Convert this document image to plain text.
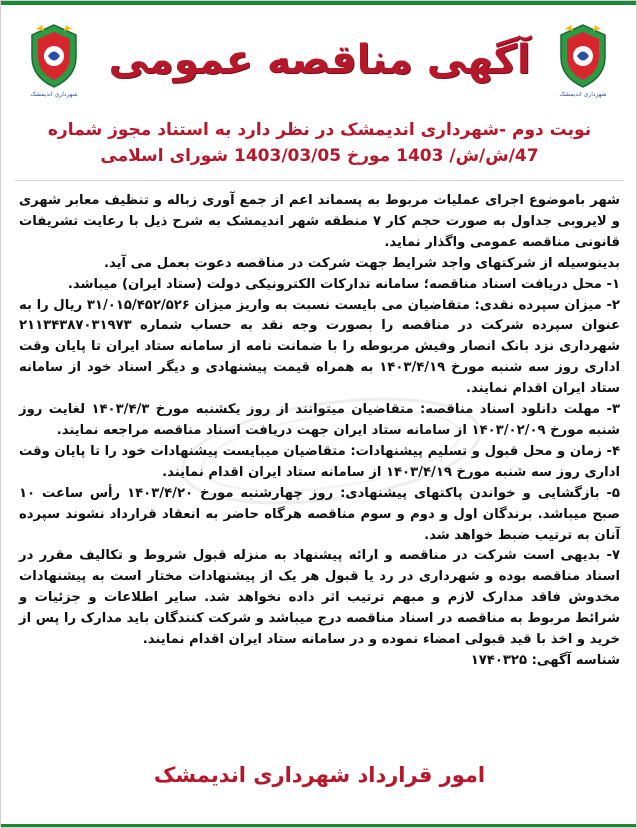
شهرداری اندیمشک
شهرداری اندیمشک
آگهی مناقصه عمومی
نوبت دوم -شهرداری اندیمشک در نظر دارد به استناد مجوز شماره
47/ش/ش/ 1403 مورخ 1403/03/05 شورای اسلامی

شهر باموضوع اجرای عملیات مربوط به پسماند اعم از جمع آوری زباله و تنظیف معابر شهری و لایروبی جداول به صورت حجم کار ۷ منطقه شهر اندیمشک به شرح ذیل با رعایت تشریفات قانونی مناقصه عمومی واگذار نماید.

بدینوسیله از شرکتهای واجد شرایط جهت شرکت در مناقصه دعوت بعمل می آید.

۱- محل دریافت اسناد مناقصه؛ سامانه تدارکات الکترونیکی دولت (ستاد ایران) میباشد.

۲- میزان سپرده نقدی: متقاضیان می بایست نسبت به واریز میزان ۳۱/۰۱۵/۴۵۲/۵۲۶ ریال را به عنوان سپرده شرکت در مناقصه را بصورت وجه نقد به حساب شماره ۲۱۱۳۴۳۸۷۰۳۱۹۷۳ شهرداری نزد بانک انصار وفیش مربوطه را با ضمانت نامه از سامانه ستاد ایران تا پایان وقت اداری روز سه شنبه مورخ ۱۴۰۳/۴/۱۹ به همراه قیمت پیشنهادی و دیگر اسناد خود از سامانه ستاد ایران اقدام نمایند.

۳- مهلت دانلود اسناد مناقصه: متقاضیان میتوانند از روز یکشنبه مورخ ۱۴۰۳/۴/۳ لغایت روز شنبه مورخ ۱۴۰۳/۰۲/۰۹ از سامانه ستاد ایران جهت دریافت اسناد مناقصه مراجعه نمایند.

۴- زمان و محل قبول و تسلیم پیشنهادات: متقاضیان میبایست پیشنهادات خود را تا پایان وقت اداری روز سه شنبه مورخ ۱۴۰۳/۴/۱۹ از سامانه ستاد ایران اقدام نمایند.

۵- بازگشایی و خواندن پاکتهای پیشنهادی: روز چهارشنبه مورخ ۱۴۰۳/۴/۲۰ رأس ساعت ۱۰ صبح میباشد. برندگان اول و دوم و سوم مناقصه هرگاه حاضر به انعقاد قرارداد نشوند سپرده آنان به ترتیب ضبط خواهد شد.

۷- بدیهی است شرکت در مناقصه و ارائه پیشنهاد به منزله قبول شروط و تکالیف مقرر در اسناد مناقصه بوده و شهرداری در رد یا قبول هر یک از پیشنهادات مختار است به پیشنهادات مخدوش فاقد مدارک لازم و مبهم ترتیب اثر داده نخواهد شد. سایر اطلاعات و جزئیات و شرائط مربوط به مناقصه در اسناد مناقصه درج میباشد و شرکت کنندگان باید مدارک را پس از خرید و اخذ با قید قبولی امضاء نموده و در سامانه ستاد ایران اقدام نمایند.

شناسه آگهی: ۱۷۴۰۳۲۵

امور قرارداد شهرداری اندیمشک
